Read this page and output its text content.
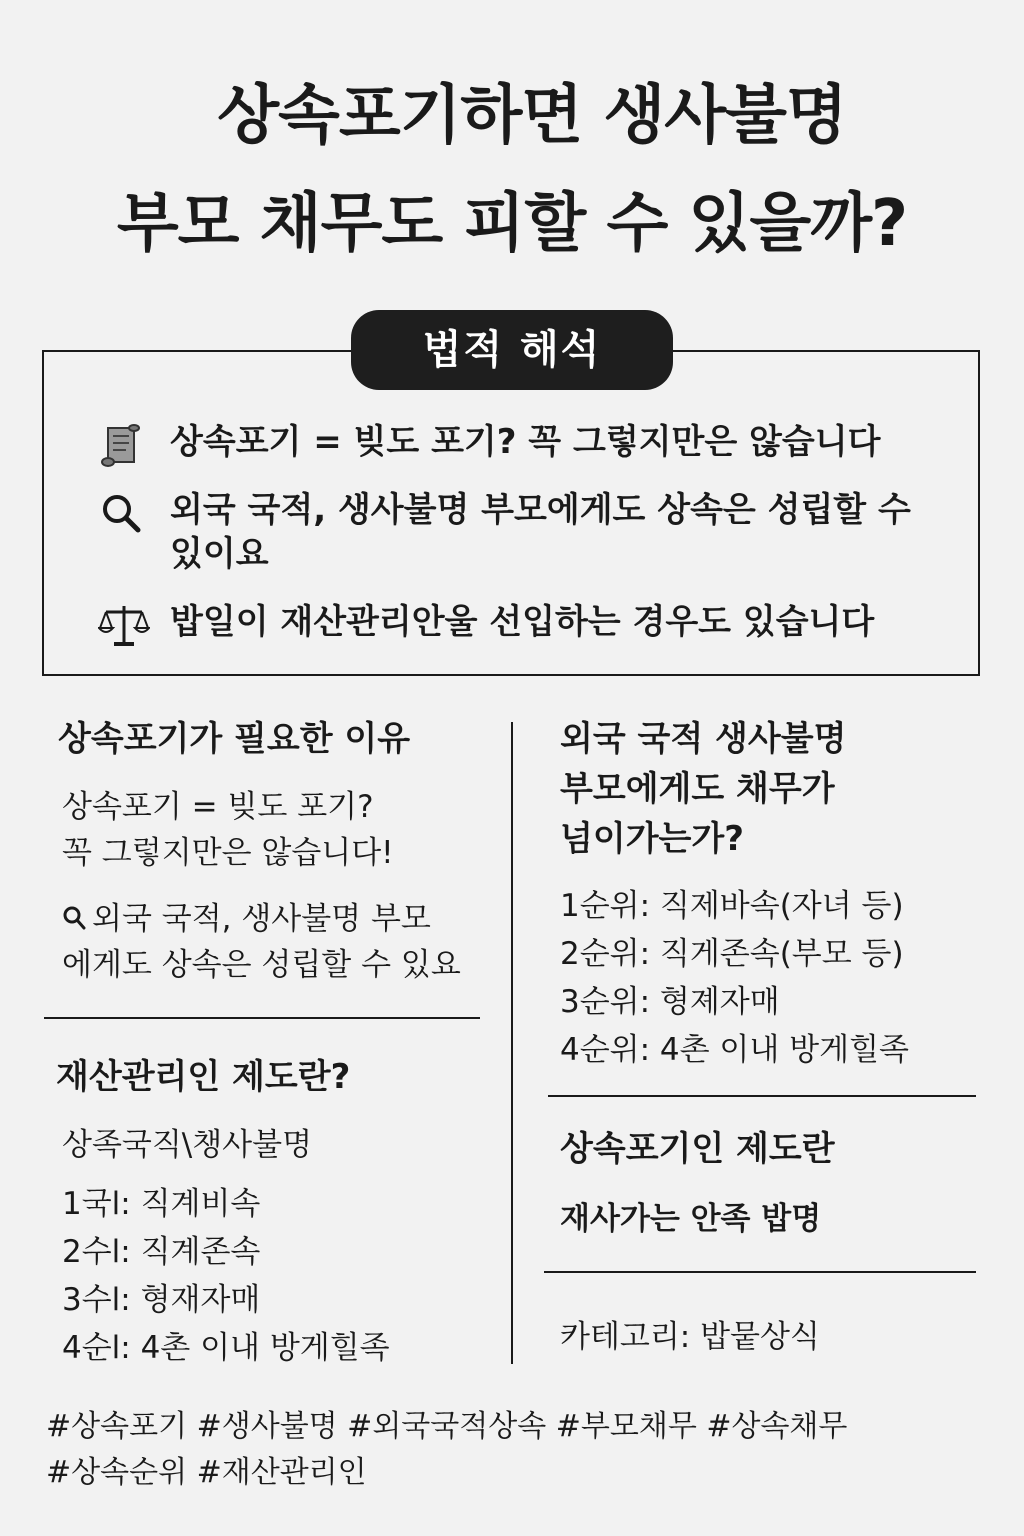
상속포기하면 생사불명
부모 채무도 피할 수 있을까?
법적 해석
상속포기 = 빚도 포기? 꼭 그렇지만은 않습니다
외국 국적, 생사불명 부모에게도 상속은 성립할 수 있이요
밥일이 재산관리안울 선입하는 경우도 있습니다
상속포기가 필요한 이유
상속포기 = 빚도 포기?
꼭 그렇지만은 않습니다!
외국 국적, 생사불명 부모
에게도 상속은 성립할 수 있요
재산관리인 제도란?
상족국직\챙사불명
1국l: 직계비속
2수l: 직계존속
3수l: 형재자매
4순l: 4촌 이내 방게힐족
외국 국적 생사불명
부모에게도 채무가
넘이가는가?
1순위: 직제바속(자녀 등)
2순위: 직게존속(부모 등)
3순위: 형졔자매
4순위: 4촌 이내 방게힐족
상속포기인 제도란
재사가는 안족 밥명
카테고리: 밥뭍상식
#상속포기 #생사불명 #외국국적상속 #부모채무 #상속채무
#상속순위 #재산관리인
